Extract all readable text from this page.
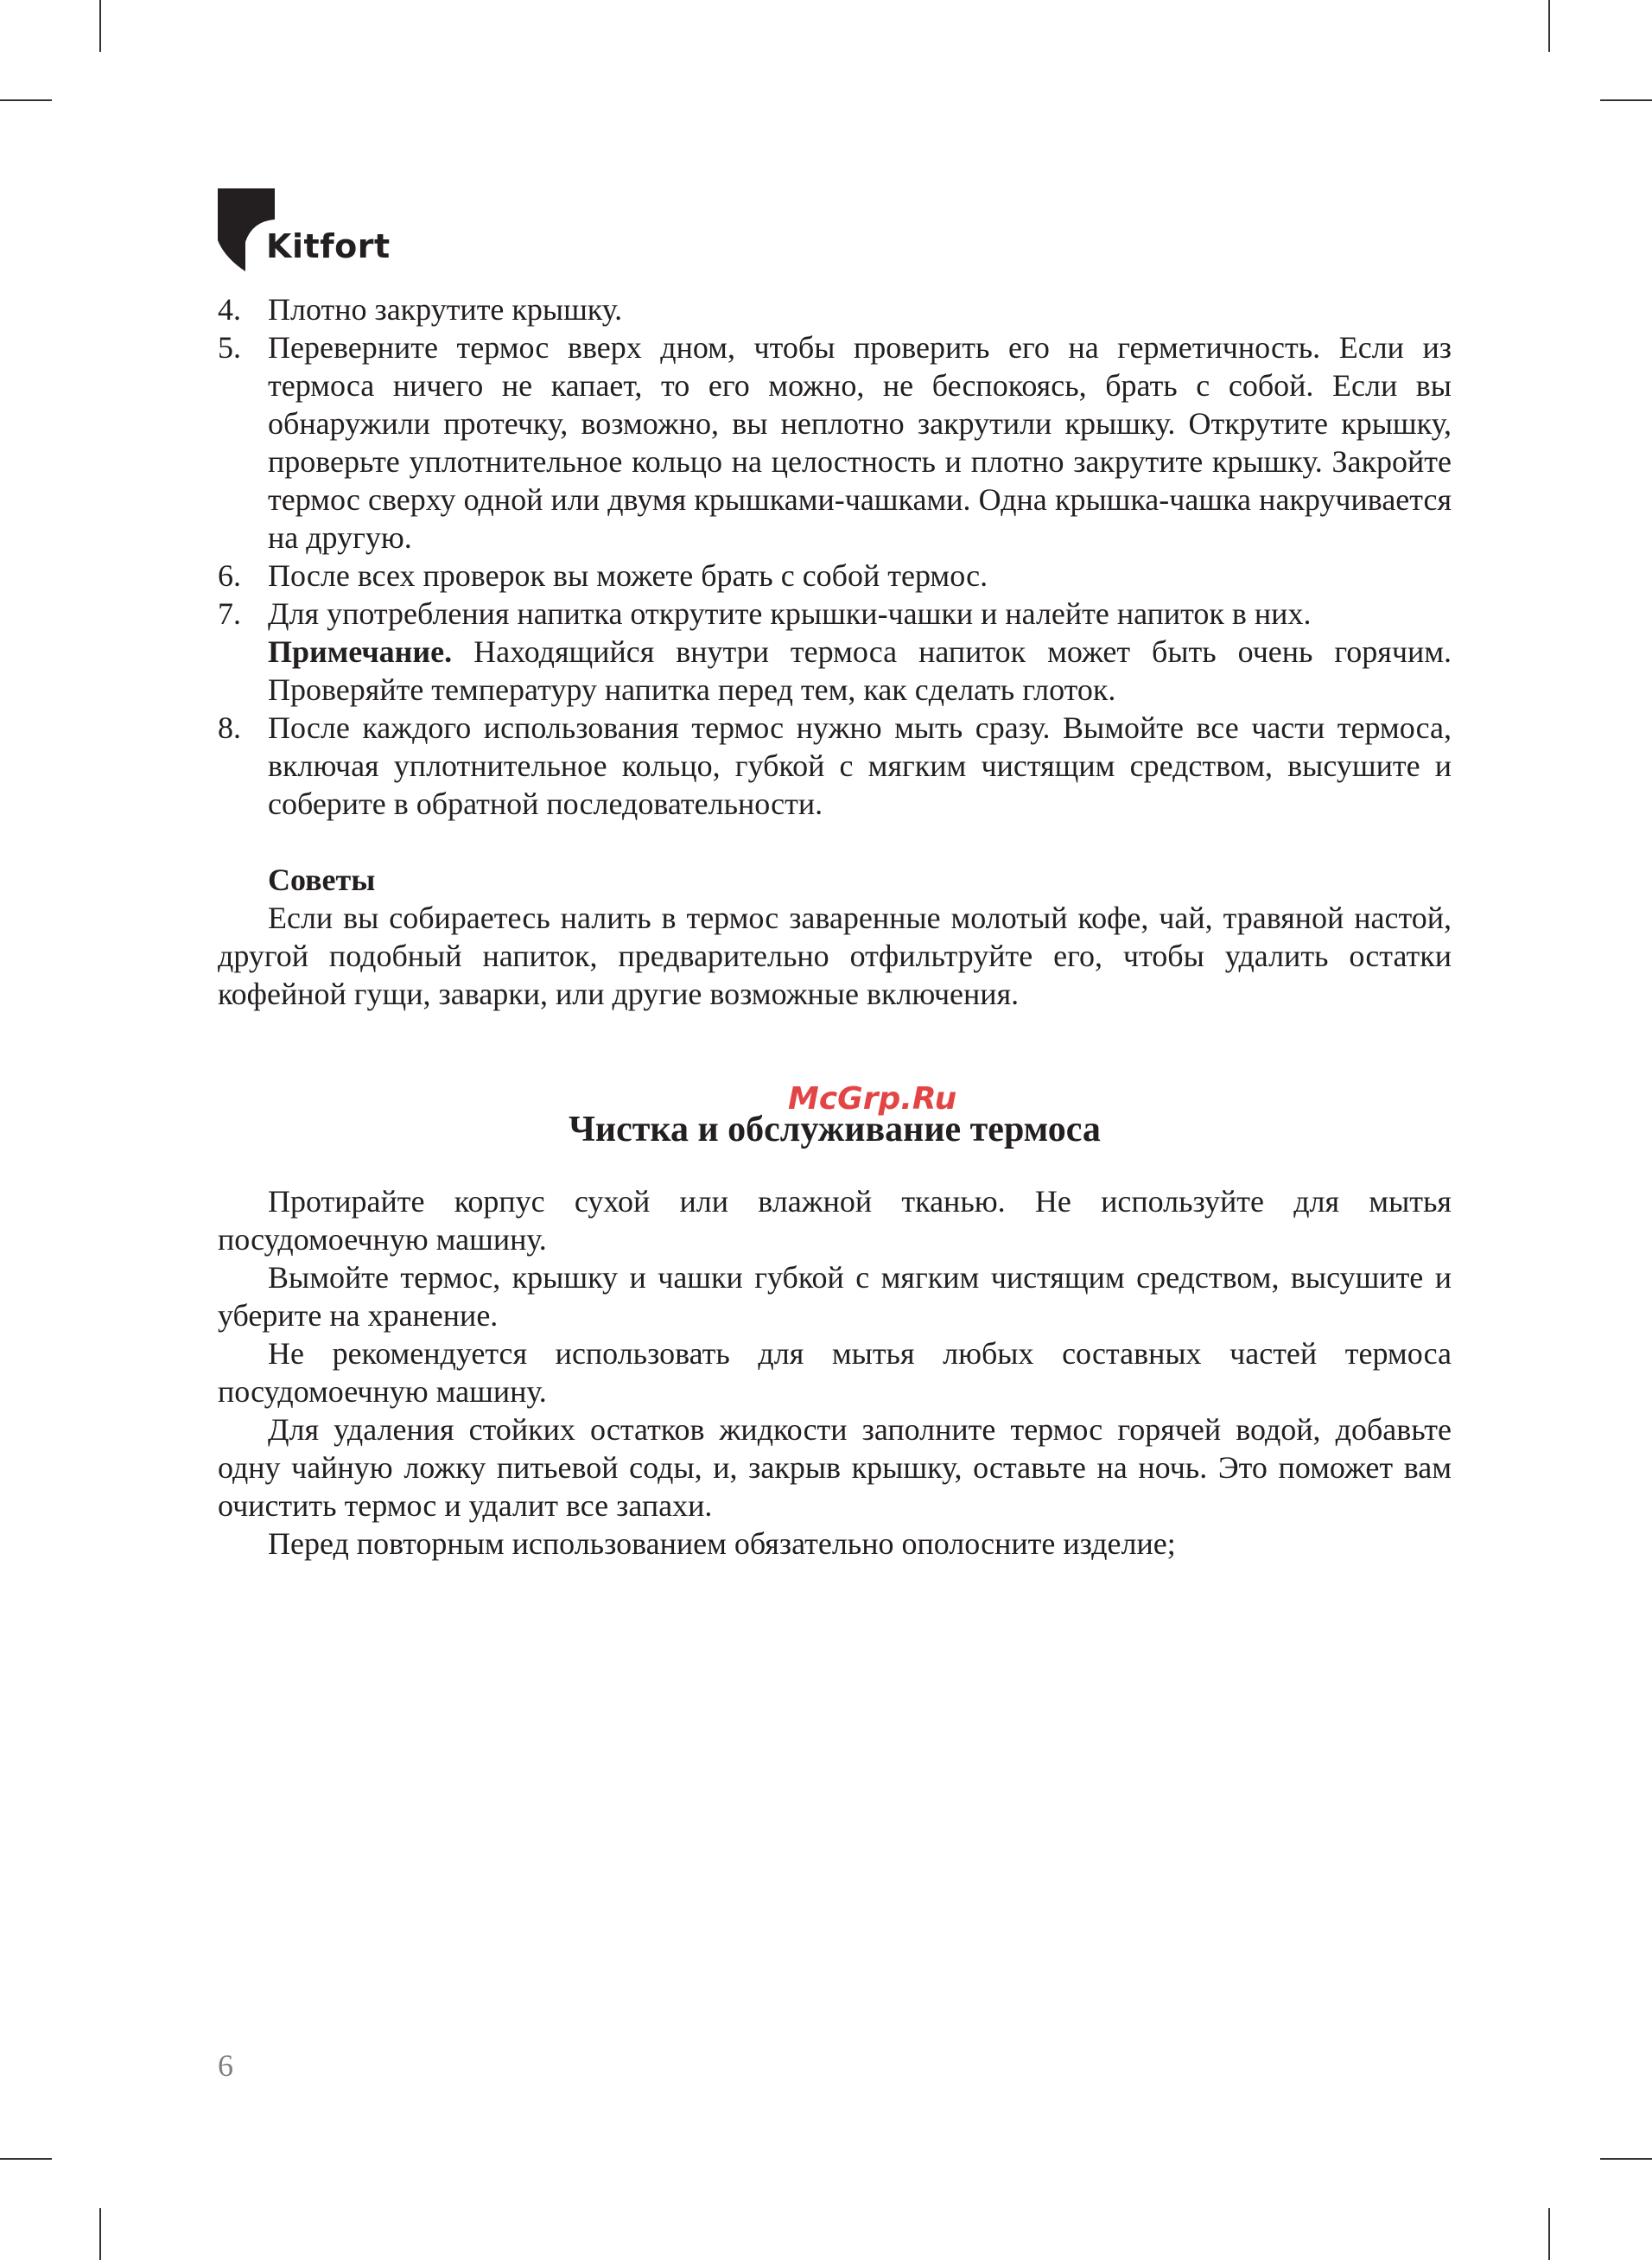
Kitfort
4. Плотно закрутите крышку.

5. Переверните термос вверх дном, чтобы проверить его на герметичность. Если из термоса ничего не капает, то его можно, не беспокоясь, брать с собой. Если вы обнаружили протечку, возможно, вы неплотно закрутили крышку. Открутите крышку, проверьте уплотнительное кольцо на целостность и плотно закрутите крышку. Закройте термос сверху одной или двумя крышками-чашками. Одна крышка-чашка накручивается на другую.

6. После всех проверок вы можете брать с собой термос.

7. Для употребления напитка открутите крышки-чашки и налейте напиток в них.

Примечание. Находящийся внутри термоса напиток может быть очень горячим. Проверяйте температуру напитка перед тем, как сделать глоток.

8. После каждого использования термос нужно мыть сразу. Вымойте все части термоса, включая уплотнительное кольцо, губкой с мягким чистящим средством, высушите и соберите в обратной последовательности.

Советы

Если вы собираетесь налить в термос заваренные молотый кофе, чай, травяной настой, другой подобный напиток, предварительно отфильтруйте его, чтобы удалить остатки кофейной гущи, заварки, или другие возможные включения.

Чистка и обслуживание термоса
McGrp.Ru

Протирайте корпус сухой или влажной тканью. Не используйте для мытья посудомоечную машину.

Вымойте термос, крышку и чашки губкой с мягким чистящим средством, высушите и уберите на хранение.

Не рекомендуется использовать для мытья любых составных частей термоса посудомоечную машину.

Для удаления стойких остатков жидкости заполните термос горячей водой, добавьте одну чайную ложку питьевой соды, и, закрыв крышку, оставьте на ночь. Это поможет вам очистить термос и удалит все запахи.

Перед повторным использованием обязательно ополосните изделие;

6
